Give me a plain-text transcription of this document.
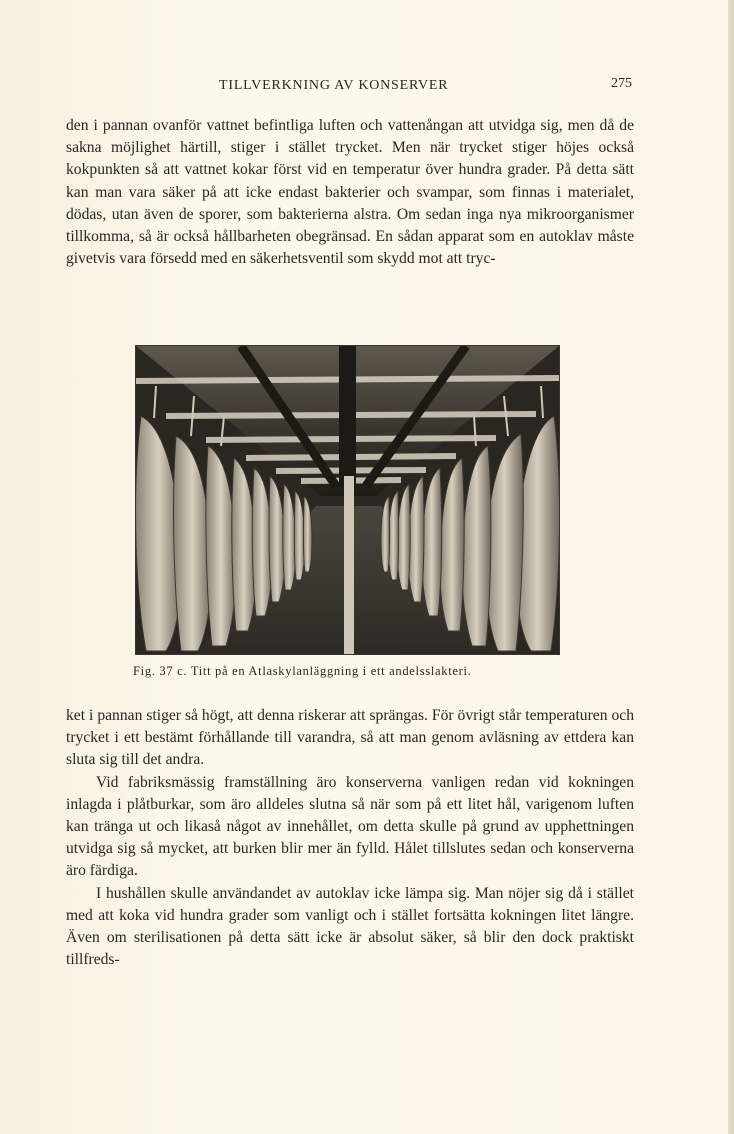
TILLVERKNING AV KONSERVER	275

den i pannan ovanför vattnet befintliga luften och vattenångan att utvidga sig, men då de sakna möjlighet härtill, stiger i stället trycket. Men när trycket stiger höjes också kokpunkten så att vattnet kokar först vid en temperatur över hundra grader. På detta sätt kan man vara säker på att icke endast bakterier och svampar, som finnas i materialet, dödas, utan även de sporer, som bakterierna alstra. Om sedan inga nya mikroorganismer tillkomma, så är också hållbarheten obegränsad. En sådan apparat som en autoklav måste givetvis vara försedd med en säkerhetsventil som skydd mot att tryc-

Fig. 37 c. Titt på en Atlaskylanläggning i ett andelsslakteri.

ket i pannan stiger så högt, att denna riskerar att sprängas. För övrigt står temperaturen och trycket i ett bestämt förhållande till varandra, så att man genom avläsning av ettdera kan sluta sig till det andra.

Vid fabriksmässig framställning äro konserverna vanligen redan vid kokningen inlagda i plåtburkar, som äro alldeles slutna så när som på ett litet hål, varigenom luften kan tränga ut och likaså något av innehållet, om detta skulle på grund av upphettningen utvidga sig så mycket, att burken blir mer än fylld. Hålet tillslutes sedan och konserverna äro färdiga.

I hushållen skulle användandet av autoklav icke lämpa sig. Man nöjer sig då i stället med att koka vid hundra grader som vanligt och i stället fortsätta kokningen litet längre. Även om sterilisationen på detta sätt icke är absolut säker, så blir den dock praktiskt tillfreds-
